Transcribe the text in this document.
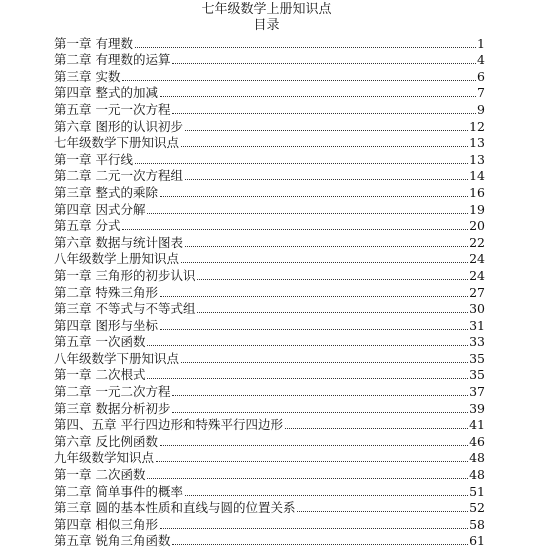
七年级数学上册知识点
目录
第一章 有理数	1
第二章 有理数的运算	4
第三章 实数	6
第四章 整式的加减	7
第五章 一元一次方程	9
第六章 图形的认识初步	12
七年级数学下册知识点	13
第一章 平行线	13
第二章 二元一次方程组	14
第三章 整式的乘除	16
第四章 因式分解	19
第五章 分式	20
第六章 数据与统计图表	22
八年级数学上册知识点	24
第一章 三角形的初步认识	24
第二章 特殊三角形	27
第三章 不等式与不等式组	30
第四章 图形与坐标	31
第五章 一次函数	33
八年级数学下册知识点	35
第一章 二次根式	35
第二章 一元二次方程	37
第三章 数据分析初步	39
第四、五章 平行四边形和特殊平行四边形	41
第六章 反比例函数	46
九年级数学知识点	48
第一章 二次函数	48
第二章 简单事件的概率	51
第三章 圆的基本性质和直线与圆的位置关系	52
第四章 相似三角形	58
第五章 锐角三角函数	61
